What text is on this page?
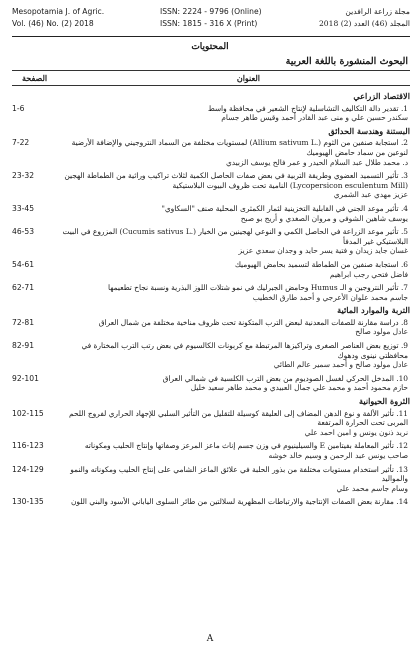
Mesopotamia J. of Agric.
Vol. (46) No. (2) 2018
ISSN: 2224 - 9796 (Online)
ISSN: 1815 - 316 X (Print)
مجلة زراعة الرافدين
المجلد (46) العدد (2) 2018
المحتويات
البحوث المنشورة باللغة العربية
العنوان
الصفحة
الاقتصاد الزراعي
1-6	1. تقدير دالة التكاليف التشاسلية لإنتاج الشعير في محافظة واسط
سكندر حسين علي و منى عبد القادر أحمد وقيس طاهر جسام
البستنة وهندسة الحدائق
7-22	2. استجابة صنفين من الثوم (.Allium sativum L) لمستويات مختلفة من السماد النتروجيني والإضافة الأرضية لنوعين من سماد حامض الهيوميك
د. محمد طلال عبد السلام الحيدر و عمر فالح يوسف الزبيدي
23-32	3. تأثير التسميد العضوي وطريقة التربية في بعض صفات الحاصل الكمية لثلاث تراكيب وراثية من الطماطة الهجين (Lycopersicon esculentum Mill) النامية تحت ظروف البيوت البلاستيكية
عزيز مهدي عبد الشمري
33-45	4. تأثير موعد الجني في القابلية التخزينية لثمار الكمثرى المحلية صنف "السكاوي"
يوسف شاهين الشوفي و مروان الصغدي و أريج بو صبح
46-53	5. تأثير موعد الزراعة في الحاصل الكمي و النوعي لهجينين من الخيار (.Cucumis sativus L) المزروع في البيت البلاستيكي غير المدفأ
غسان جايد زيدان و فتية يسر حايد و وجدان سعدي عزيز
54-61	6. استجابة صنفين من الطماطة لتسميد بحامض الهيوميك
فاضل فتحي رجب ابراهيم
62-71	7. تأثير النتروجين و الـ Humus وحامض الجبرليك في نمو شتلات اللوز البذرية ونسبة نجاح تطعيمها
جاسم محمد علوان الأعرجي و أحمد طارق الخطيب
التربة والموارد المائية
72-81	8. دراسة مقارنة للصفات المعدنية لبعض الترب المتكونة تحت ظروف مناخية مختلفة من شمال العراق
عادل مولود صالح
82-91	9. توزيع بعض العناصر الصغرى وتراكيزها المرتبطة مع كربونات الكالسيوم في بعض رتب الترب المختارة في محافظتي نينوى ودهوك
عادل مولود صالح و أحمد سمير عالم الطائي
92-101	10. المدخل الحركي لغسل الصوديوم من بعض الترب الكلسية في شمالي العراق
حازم محمود أحمد و محمد علي جمال العبيدي و محمد طاهر سعيد خليل
الثروة الحيوانية
102-115	11. تأثير الألفة و نوع الدهن المضاف إلى العليقة كوسيلة للتقليل من التأثير السلبي للإجهاد الحراري لفروج اللحم المربى تحت الحرارة المرتفعة
نريد ذنون يونس و امين احمد علي
116-123	12. تأثير المعاملة بفيتامين E والسيلينيوم في وزن جسم إناث ماعز المرعز وصفاتها وإنتاج الحليب ومكوناته
صاحب يونس عبد الرحمن و وسيم خالد خوشه
124-129	13. تأثير استخدام مستويات مختلفة من بذور الحلبة في علائق الماعز الشامي على إنتاج الحليب ومكوناته والنمو والمواليد
وسام جاسم محمد علي
130-135	14. مقارنة بعض الصفات الإنتاجية والارتباطات المظهرية لسلالتين من طائر السلوى الياباني الأسود والبني اللون
A
